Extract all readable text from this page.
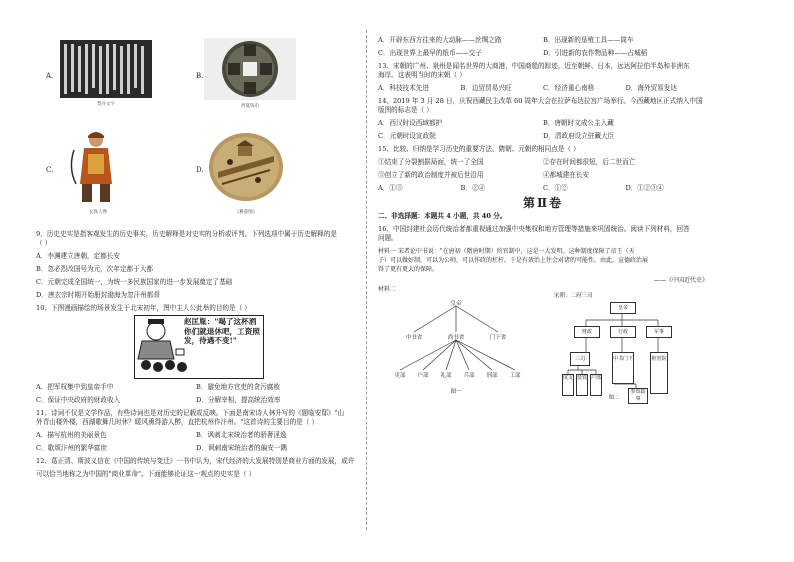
A.
契丹文字
B.
西夏钱币
C.
女真人像
D.
《耕获图》
9、历史史实是指客观发生的历史事实，历史解释是对史实的分析或评判。下列选项中属于历史解释的是
（ ）
A．李渊建立唐朝，定都长安
B．忽必烈改国号为元，次年定都于大都
C．元朝完成全国统一，为统一多民族国家的进一步发展奠定了基础
D．唐玄宗时期开始册封渤海为忽汗州都督
10、下图漫画描绘的场景发生于北宋初年，图中主人公此举的目的是（ ）
赵匡胤："喝了这杯酒你们就退休吧，工资照发，待遇不变!"
A．把军权集中到皇帝手中	B．避免地方官吏的贪污腐败
C．保证中央政府的财政收入	D．分解宰相，提高统治效率
11、诗词不仅是文学作品，有些诗词也是对历史的记载或反映。下面是南宋诗人林升写的《题临安邸》"山
外青山楼外楼，西湖歌舞几时休？暖风熏得游人醉，直把杭州作汴州。"这首诗的主要目的是（ ）
A．描写杭州的美丽景色	B．讽刺北宋统治者的骄奢淫逸
C．歌颂汴州的繁华富庶	D．讽刺南宋统治者的偏安一隅
12、葛正清、斯波义信在《中国的传统与变迁》一书中认为，宋代经济的大发展特别是商业方面的发展，或许
可以恰当地称之为中国的"商业革命"。下面能够论证这一观点的史实是（ ）
A．开辟东西方往来的大动脉——丝绸之路	B．出现新的垦殖工具——筒车
C．出现世界上最早的纸币——交子	D．引进新的农作物品种——占城稻
13、宋朝的广州、泉州是闻名世界的大商港，中国商船的踪迹，近至朝鲜、日本，远达阿拉伯半岛和非洲东
海岸。这表明当时的宋朝（ ）
A．科技技术先进	B．边贸贸易兴旺	C．经济重心南移	D．海外贸易发达
14、2019 年 3 月 28 日，庆祝西藏民主改革 60 周年大会在拉萨布达拉宫广场举行。今西藏地区正式纳入中国
版图的标志是（ ）
A．西汉时设西域都护	B．唐朝时文成公主入藏
C．元朝时设宣政院	D．清政府设立驻藏大臣
15、比较、归纳是学习历史的重要方法。隋朝、元朝的相同点是（ ）
①结束了分裂割据局面，统一了全国	②存在时间都很短，后二世而亡
③创立了新的政治制度并被后世沿用	④都城建在长安
A．①③	B．②④	C．①②	D．①②③④
第Ⅱ卷
二、非选择题：本题共 4 小题，共 40 分。
16、中国封建社会历代统治者都重视通过加强中央集权和地方管理等措施来巩固统治。阅读下列材料，回答
问题。
材料一 宋者论中书说："在唐初（隋唐时期）的官制中，这是一大发明。这种制度保障了帝王（天
子）可以做好制，可以为公帅，可以作政的杠杆，于是有效治上往会对诸的可能性。由此，宣德政治展
得了更有更大的保障。
——《中国近代史》
材料二
皇帝
中书省	尚书省	门下省
吏部	户部	礼部	兵部	刑部	工部
图一
宋朝：二府三司
皇帝
财政	行政	军事
三司	中书门下	枢密院
度支 盐铁 户部
参知政事
图二
